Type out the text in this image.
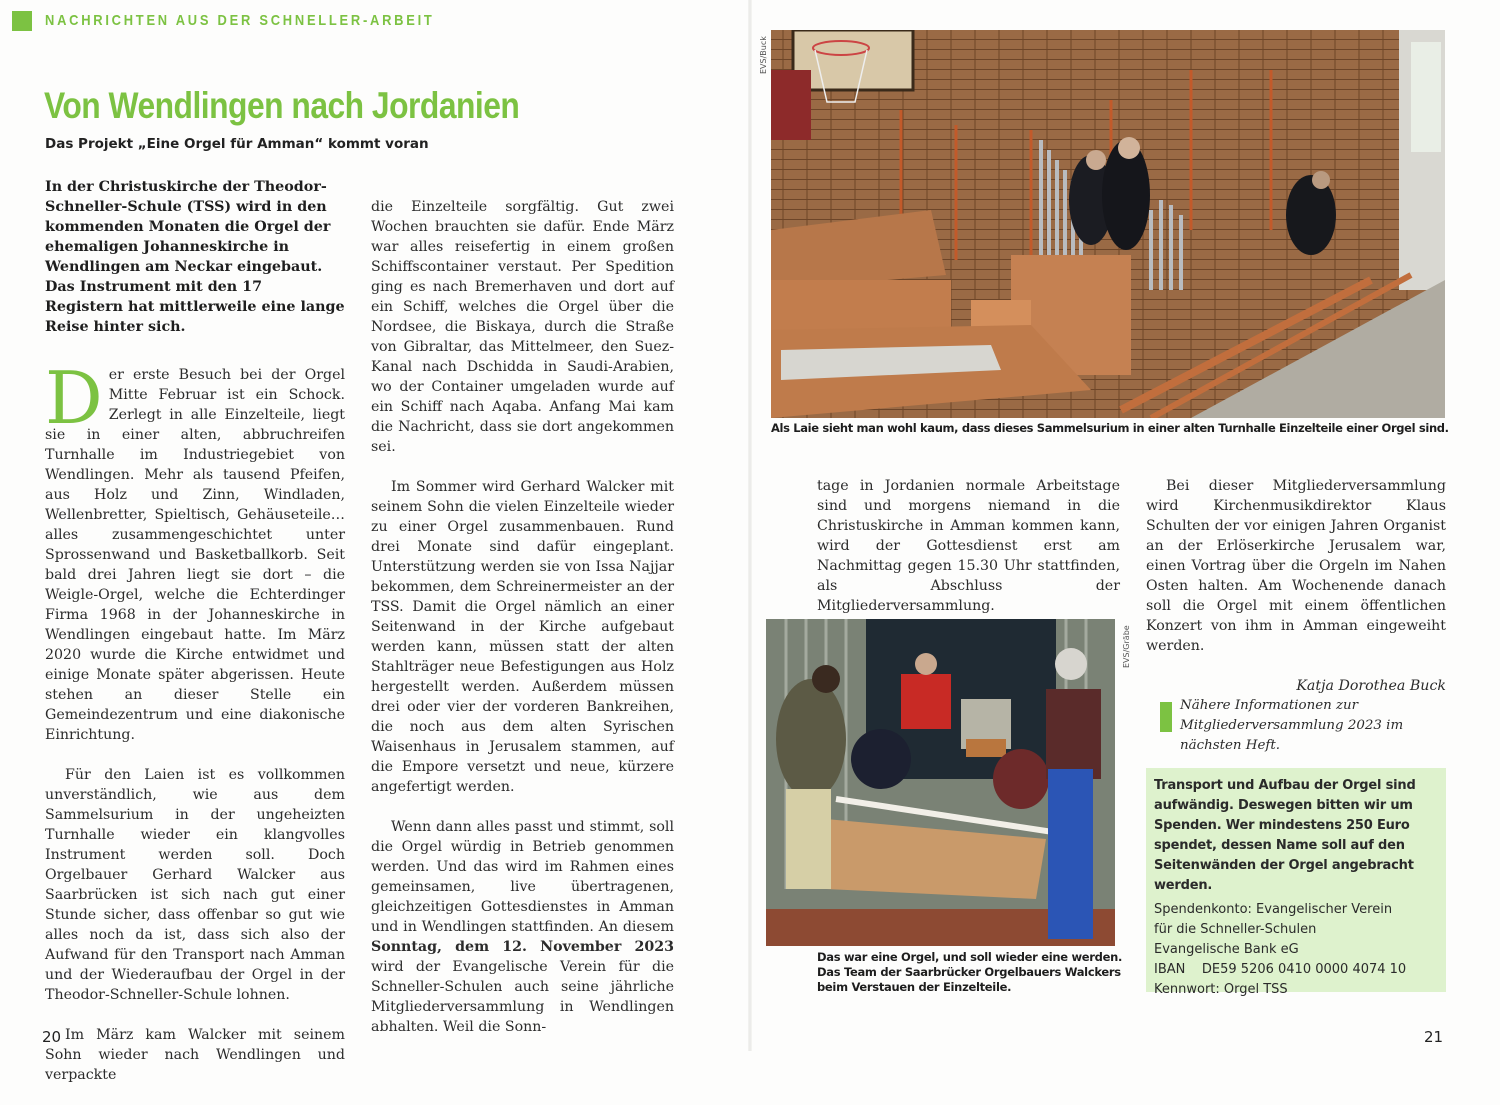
NACHRICHTEN AUS DER SCHNELLER-ARBEIT
Von Wendlingen nach Jordanien
Das Projekt „Eine Orgel für Amman“ kommt voran

In der Christuskirche der Theodor-Schneller-Schule (TSS) wird in den kommenden Monaten die Orgel der ehemaligen Johanneskirche in Wendlingen am Neckar eingebaut. Das Instrument mit den 17 Registern hat mittlerweile eine lange Reise hinter sich.

Der erste Besuch bei der Orgel Mitte Februar ist ein Schock. Zerlegt in alle Einzelteile, liegt sie in einer alten, abbruchreifen Turnhalle im Industriegebiet von Wendlingen. Mehr als tausend Pfeifen, aus Holz und Zinn, Windladen, Wellenbretter, Spieltisch, Gehäuseteile… alles zusammengeschichtet unter Sprossenwand und Basketballkorb. Seit bald drei Jahren liegt sie dort – die Weigle-Orgel, welche die Echterdinger Firma 1968 in der Johanneskirche in Wendlingen eingebaut hatte. Im März 2020 wurde die Kirche entwidmet und einige Monate später abgerissen. Heute stehen an dieser Stelle ein Gemeindezentrum und eine diakonische Einrichtung.

Für den Laien ist es vollkommen unverständlich, wie aus dem Sammelsurium in der ungeheizten Turnhalle wieder ein klangvolles Instrument werden soll. Doch Orgelbauer Gerhard Walcker aus Saarbrücken ist sich nach gut einer Stunde sicher, dass offenbar so gut wie alles noch da ist, dass sich also der Aufwand für den Transport nach Amman und der Wiederaufbau der Orgel in der Theodor-Schneller-Schule lohnen.

Im März kam Walcker mit seinem Sohn wieder nach Wendlingen und verpackte

die Einzelteile sorgfältig. Gut zwei Wochen brauchten sie dafür. Ende März war alles reisefertig in einem großen Schiffscontainer verstaut. Per Spedition ging es nach Bremerhaven und dort auf ein Schiff, welches die Orgel über die Nordsee, die Biskaya, durch die Straße von Gibraltar, das Mittelmeer, den Suez-Kanal nach Dschidda in Saudi-Arabien, wo der Container umgeladen wurde auf ein Schiff nach Aqaba. Anfang Mai kam die Nachricht, dass sie dort angekommen sei.

Im Sommer wird Gerhard Walcker mit seinem Sohn die vielen Einzelteile wieder zu einer Orgel zusammenbauen. Rund drei Monate sind dafür eingeplant. Unterstützung werden sie von Issa Najjar bekommen, dem Schreinermeister an der TSS. Damit die Orgel nämlich an einer Seitenwand in der Kirche aufgebaut werden kann, müssen statt der alten Stahlträger neue Befestigungen aus Holz hergestellt werden. Außerdem müssen drei oder vier der vorderen Bankreihen, die noch aus dem alten Syrischen Waisenhaus in Jerusalem stammen, auf die Empore versetzt und neue, kürzere angefertigt werden.

Wenn dann alles passt und stimmt, soll die Orgel würdig in Betrieb genommen werden. Und das wird im Rahmen eines gemeinsamen, live übertragenen, gleichzeitigen Gottesdienstes in Amman und in Wendlingen stattfinden. An diesem Sonntag, dem 12. November 2023 wird der Evangelische Verein für die Schneller-Schulen auch seine jährliche Mitgliederversammlung in Wendlingen abhalten. Weil die Sonn-

EVS/Buck
Als Laie sieht man wohl kaum, dass dieses Sammelsurium in einer alten Turnhalle Einzelteile einer Orgel sind.

tage in Jordanien normale Arbeitstage sind und morgens niemand in die Christuskirche in Amman kommen kann, wird der Gottesdienst erst am Nachmittag gegen 15.30 Uhr stattfinden, als Abschluss der Mitgliederversammlung.

Bei dieser Mitgliederversammlung wird Kirchenmusikdirektor Klaus Schulten der vor einigen Jahren Organist an der Erlöserkirche Jerusalem war, einen Vortrag über die Orgeln im Nahen Osten halten. Am Wochenende danach soll die Orgel mit einem öffentlichen Konzert von ihm in Amman eingeweiht werden.

Katja Dorothea Buck

Nähere Informationen zur Mitgliederversammlung 2023 im nächsten Heft.
EVS/Gräbe
Das war eine Orgel, und soll wieder eine werden. Das Team der Saarbrücker Orgelbauers Walckers beim Verstauen der Einzelteile.
Transport und Aufbau der Orgel sind aufwändig. Deswegen bitten wir um Spenden. Wer mindestens 250 Euro spendet, dessen Name soll auf den Seitenwänden der Orgel angebracht werden.
Spendenkonto: Evangelischer Verein
für die Schneller-Schulen
Evangelische Bank eG
IBAN    DE59 5206 0410 0000 4074 10
Kennwort: Orgel TSS
20	21
